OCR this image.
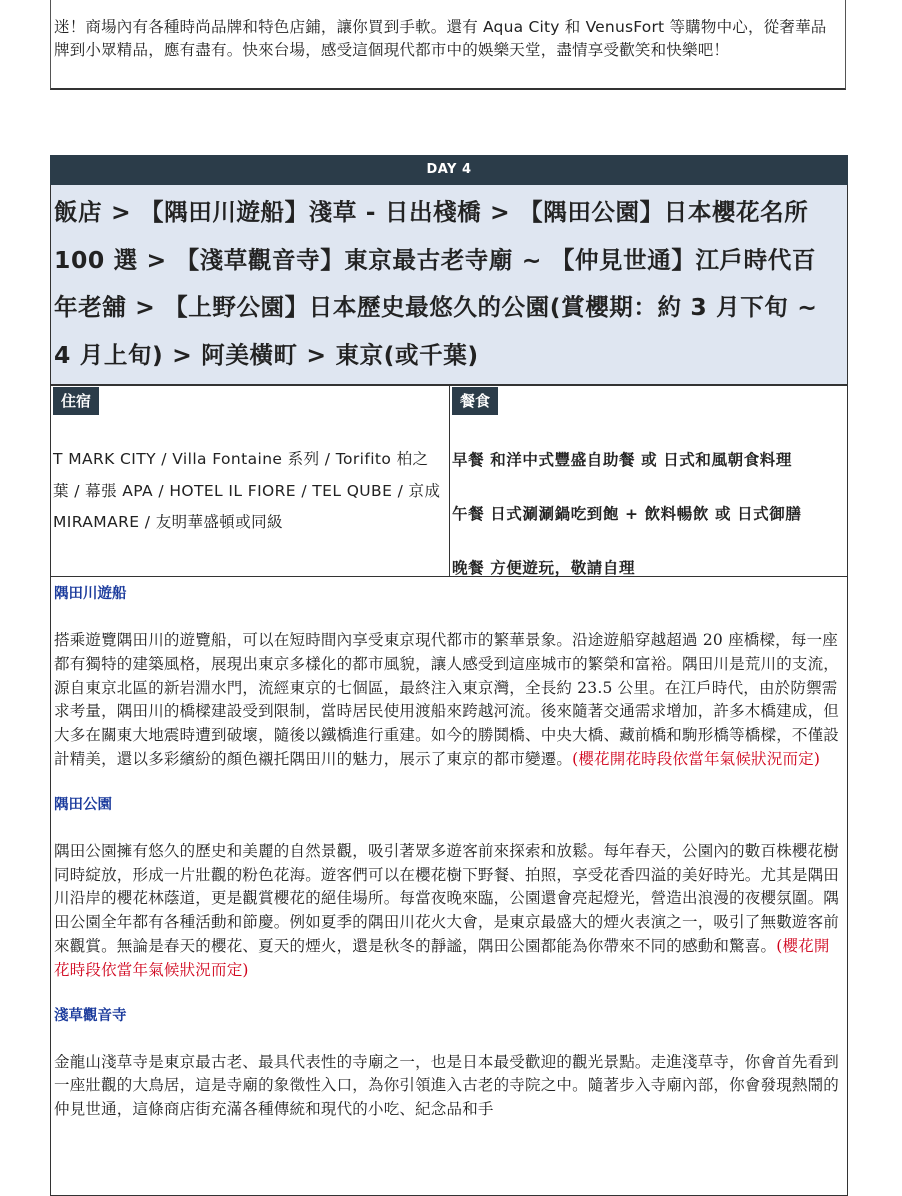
迷！商場內有各種時尚品牌和特色店鋪，讓你買到手軟。還有 Aqua City 和 VenusFort 等購物中心，從奢華品牌到小眾精品，應有盡有。快來台場，感受這個現代都市中的娛樂天堂，盡情享受歡笑和快樂吧！
DAY 4
飯店 > 【隅田川遊船】淺草 - 日出棧橋 > 【隅田公園】日本櫻花名所 100 選 > 【淺草觀音寺】東京最古老寺廟 ~ 【仲見世通】江戶時代百年老舖 > 【上野公園】日本歷史最悠久的公園(賞櫻期：約 3 月下旬 ~ 4 月上旬) > 阿美橫町 > 東京(或千葉)
住宿
T MARK CITY / Villa Fontaine 系列 / Torifito 柏之葉 / 幕張 APA / HOTEL IL FIORE / TEL QUBE / 京成 MIRAMARE / 友明華盛頓或同級
餐食
早餐 和洋中式豐盛自助餐 或 日式和風朝食料理
午餐 日式涮涮鍋吃到飽 + 飲料暢飲 或 日式御膳
晚餐 方便遊玩，敬請自理
隅田川遊船
搭乘遊覽隅田川的遊覽船，可以在短時間內享受東京現代都市的繁華景象。沿途遊船穿越超過 20 座橋樑，每一座都有獨特的建築風格，展現出東京多樣化的都市風貌，讓人感受到這座城市的繁榮和富裕。隅田川是荒川的支流，源自東京北區的新岩淵水門，流經東京的七個區，最終注入東京灣，全長約 23.5 公里。在江戶時代，由於防禦需求考量，隅田川的橋樑建設受到限制，當時居民使用渡船來跨越河流。後來隨著交通需求增加，許多木橋建成，但大多在關東大地震時遭到破壞，隨後以鐵橋進行重建。如今的勝鬨橋、中央大橋、藏前橋和駒形橋等橋樑，不僅設計精美，還以多彩繽紛的顏色襯托隅田川的魅力，展示了東京的都市變遷。(櫻花開花時段依當年氣候狀況而定)
隅田公園
隅田公園擁有悠久的歷史和美麗的自然景觀，吸引著眾多遊客前來探索和放鬆。每年春天，公園內的數百株櫻花樹同時綻放，形成一片壯觀的粉色花海。遊客們可以在櫻花樹下野餐、拍照，享受花香四溢的美好時光。尤其是隅田川沿岸的櫻花林蔭道，更是觀賞櫻花的絕佳場所。每當夜晚來臨，公園還會亮起燈光，營造出浪漫的夜櫻氛圍。隅田公園全年都有各種活動和節慶。例如夏季的隅田川花火大會，是東京最盛大的煙火表演之一，吸引了無數遊客前來觀賞。無論是春天的櫻花、夏天的煙火，還是秋冬的靜謐，隅田公園都能為你帶來不同的感動和驚喜。(櫻花開花時段依當年氣候狀況而定)
淺草觀音寺
金龍山淺草寺是東京最古老、最具代表性的寺廟之一，也是日本最受歡迎的觀光景點。走進淺草寺，你會首先看到一座壯觀的大鳥居，這是寺廟的象徵性入口，為你引領進入古老的寺院之中。隨著步入寺廟內部，你會發現熱鬧的仲見世通，這條商店街充滿各種傳統和現代的小吃、紀念品和手
